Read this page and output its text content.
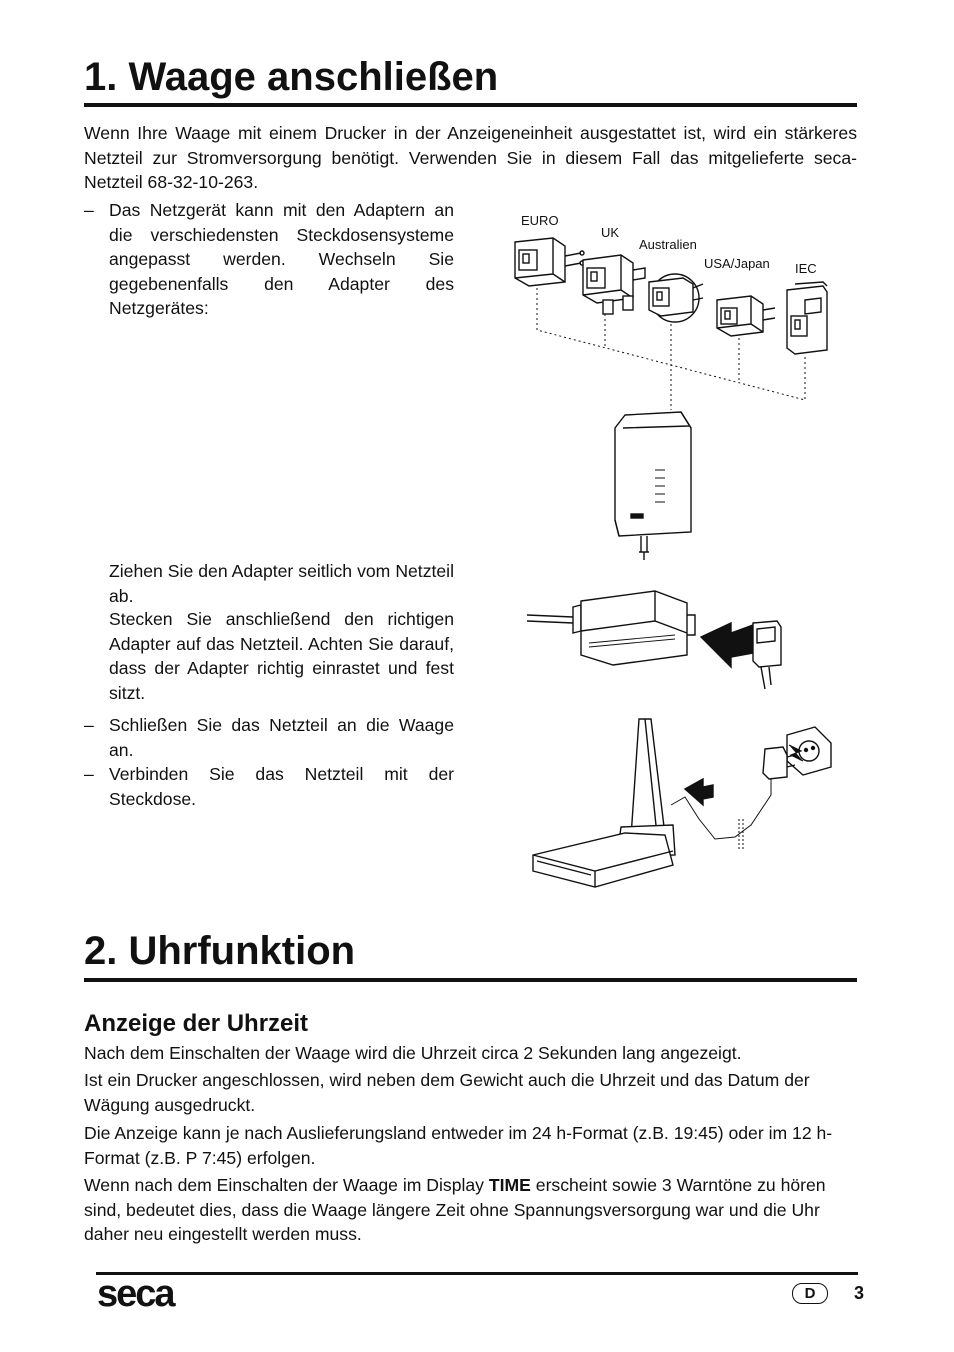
1. Waage anschließen

Wenn Ihre Waage mit einem Drucker in der Anzeigeneinheit ausgestattet ist, wird ein stärkeres Netzteil zur Stromversorgung benötigt. Verwenden Sie in diesem Fall das mitgelieferte seca-Netzteil 68-32-10-263.

– Das Netzgerät kann mit den Adaptern an die verschiedensten Steckdosensysteme angepasst werden. Wechseln Sie gegebenenfalls den Adapter des Netzgerätes:
Ziehen Sie den Adapter seitlich vom Netzteil ab.
Stecken Sie anschließend den richtigen Adapter auf das Netzteil. Achten Sie darauf, dass der Adapter richtig einrastet und fest sitzt.
– Schließen Sie das Netzteil an die Waage an.
– Verbinden Sie das Netzteil mit der Steckdose.
EURO
UK
Australien
USA/Japan IEC
2. Uhrfunktion
Anzeige der Uhrzeit

Nach dem Einschalten der Waage wird die Uhrzeit circa 2 Sekunden lang angezeigt.

Ist ein Drucker angeschlossen, wird neben dem Gewicht auch die Uhrzeit und das Datum der Wägung ausgedruckt.

Die Anzeige kann je nach Auslieferungsland entweder im 24 h-Format (z.B. 19:45) oder im 12 h-Format (z.B. P 7:45) erfolgen.

Wenn nach dem Einschalten der Waage im Display TIME erscheint sowie 3 Warntöne zu hören sind, bedeutet dies, dass die Waage längere Zeit ohne Spannungsversorgung war und die Uhr daher neu eingestellt werden muss.

seca	D	3
